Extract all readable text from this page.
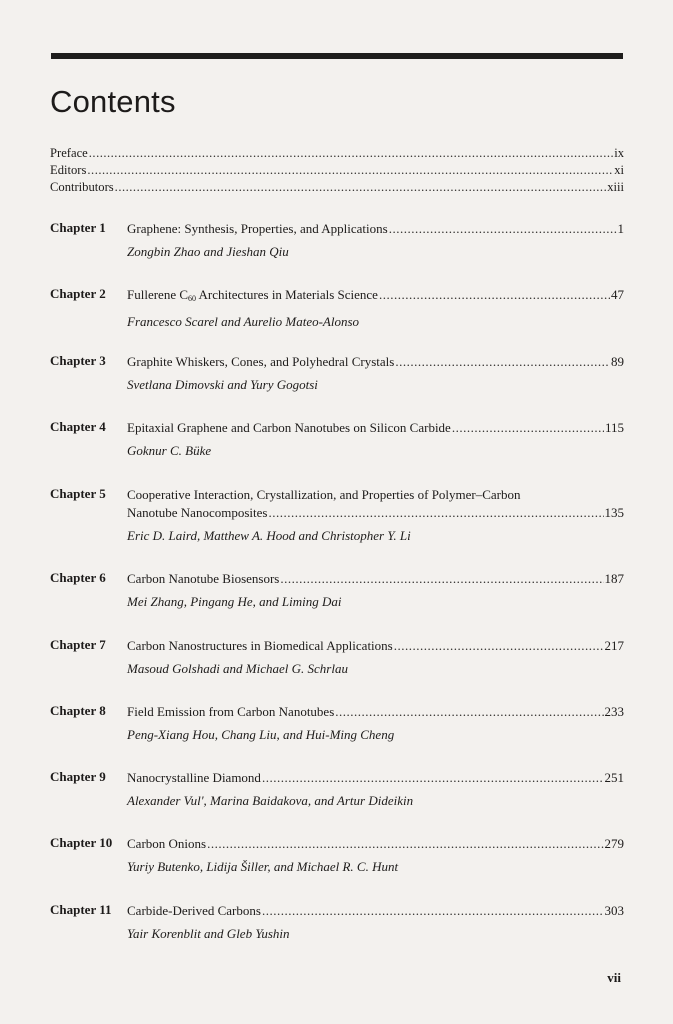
Contents
Preface .....	ix
Editors .....	xi
Contributors .....	xiii
Chapter 1 Graphene: Synthesis, Properties, and Applications .....	1
Zongbin Zhao and Jieshan Qiu
Chapter 2 Fullerene $C_{60}$ Architectures in Materials Science .....	47
Francesco Scarel and Aurelio Mateo-Alonso
Chapter 3 Graphite Whiskers, Cones, and Polyhedral Crystals .....	89
Svetlana Dimovski and Yury Gogotsi
Chapter 4 Epitaxial Graphene and Carbon Nanotubes on Silicon Carbide .....	115
Goknur C. Büke
Chapter 5 Cooperative Interaction, Crystallization, and Properties of Polymer–Carbon
Nanotube Nanocomposites .....	135
Eric D. Laird, Matthew A. Hood and Christopher Y. Li
Chapter 6 Carbon Nanotube Biosensors .....	187
Mei Zhang, Pingang He, and Liming Dai
Chapter 7 Carbon Nanostructures in Biomedical Applications .....	217
Masoud Golshadi and Michael G. Schrlau
Chapter 8 Field Emission from Carbon Nanotubes .....	233
Peng-Xiang Hou, Chang Liu, and Hui-Ming Cheng
Chapter 9 Nanocrystalline Diamond .....	251
Alexander Vul', Marina Baidakova, and Artur Dideikin
Chapter 10 Carbon Onions .....	279
Yuriy Butenko, Lidija Šiller, and Michael R. C. Hunt
Chapter 11 Carbide-Derived Carbons .....	303
Yair Korenblit and Gleb Yushin
vii
